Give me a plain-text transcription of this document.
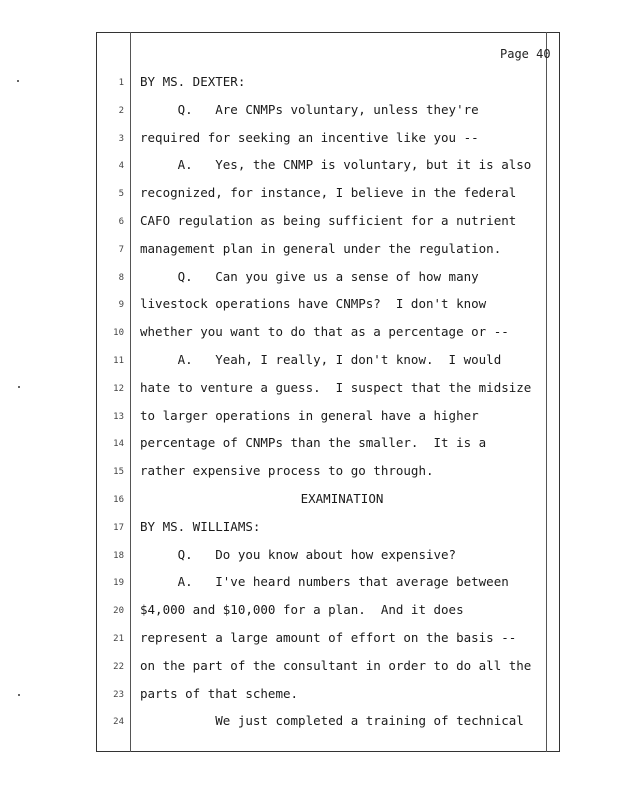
Page 40
1 BY MS. DEXTER:
2 Q.   Are CNMPs voluntary, unless they're
3 required for seeking an incentive like you --
4 A.   Yes, the CNMP is voluntary, but it is also
5 recognized, for instance, I believe in the federal
6 CAFO regulation as being sufficient for a nutrient
7 management plan in general under the regulation.
8 Q.   Can you give us a sense of how many
9 livestock operations have CNMPs?  I don't know
10 whether you want to do that as a percentage or --
11 A.   Yeah, I really, I don't know.  I would
12 hate to venture a guess.  I suspect that the midsize
13 to larger operations in general have a higher
14 percentage of CNMPs than the smaller.  It is a
15 rather expensive process to go through.
16	EXAMINATION
17 BY MS. WILLIAMS:
18 Q.   Do you know about how expensive?
19 A.   I've heard numbers that average between
20 $4,000 and $10,000 for a plan.  And it does
21 represent a large amount of effort on the basis --
22 on the part of the consultant in order to do all the
23 parts of that scheme.
24 We just completed a training of technical
